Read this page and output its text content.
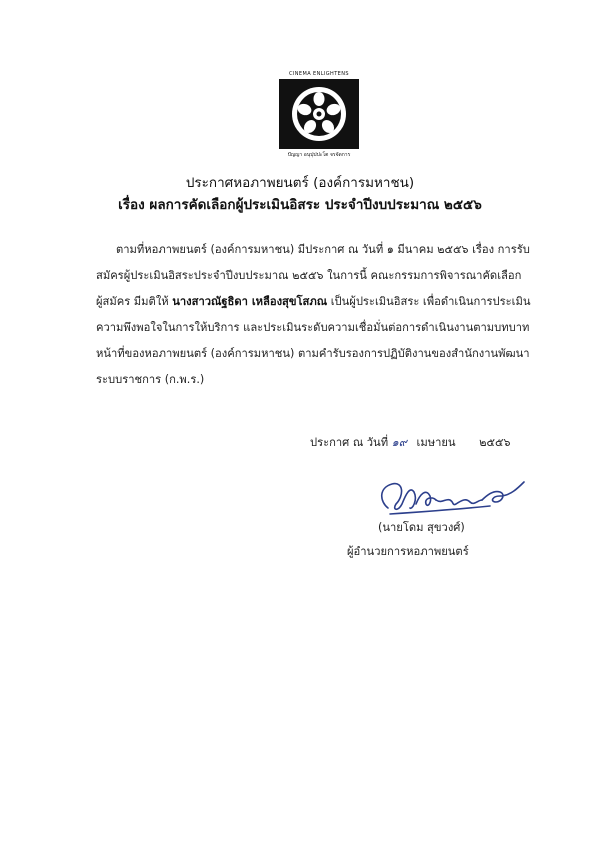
CINEMA ENLIGHTENS
ปัญญา อนุปุปปะโต จรจัดการ
ประกาศหอภาพยนตร์ (องค์การมหาชน)
เรื่อง ผลการคัดเลือกผู้ประเมินอิสระ ประจำปีงบประมาณ ๒๕๕๖
ตามที่หอภาพยนตร์ (องค์การมหาชน) มีประกาศ ณ วันที่ ๑ มีนาคม ๒๕๕๖ เรื่อง การรับ
สมัครผู้ประเมินอิสระประจำปีงบประมาณ ๒๕๕๖ ในการนี้ คณะกรรมการพิจารณาคัดเลือก
ผู้สมัคร มีมติให้ นางสาวณัฐธิดา เหลืองสุขโสภณ เป็นผู้ประเมินอิสระ เพื่อดำเนินการประเมิน
ความพึงพอใจในการให้บริการ และประเมินระดับความเชื่อมั่นต่อการดำเนินงานตามบทบาท
หน้าที่ของหอภาพยนตร์ (องค์การมหาชน) ตามคำรับรองการปฏิบัติงานของสำนักงานพัฒนา
ระบบราชการ (ก.พ.ร.)
ประกาศ ณ วันที่ ๑๙ เมษายน ๒๕๕๖
(นายโดม สุขวงศ์)
ผู้อำนวยการหอภาพยนตร์
